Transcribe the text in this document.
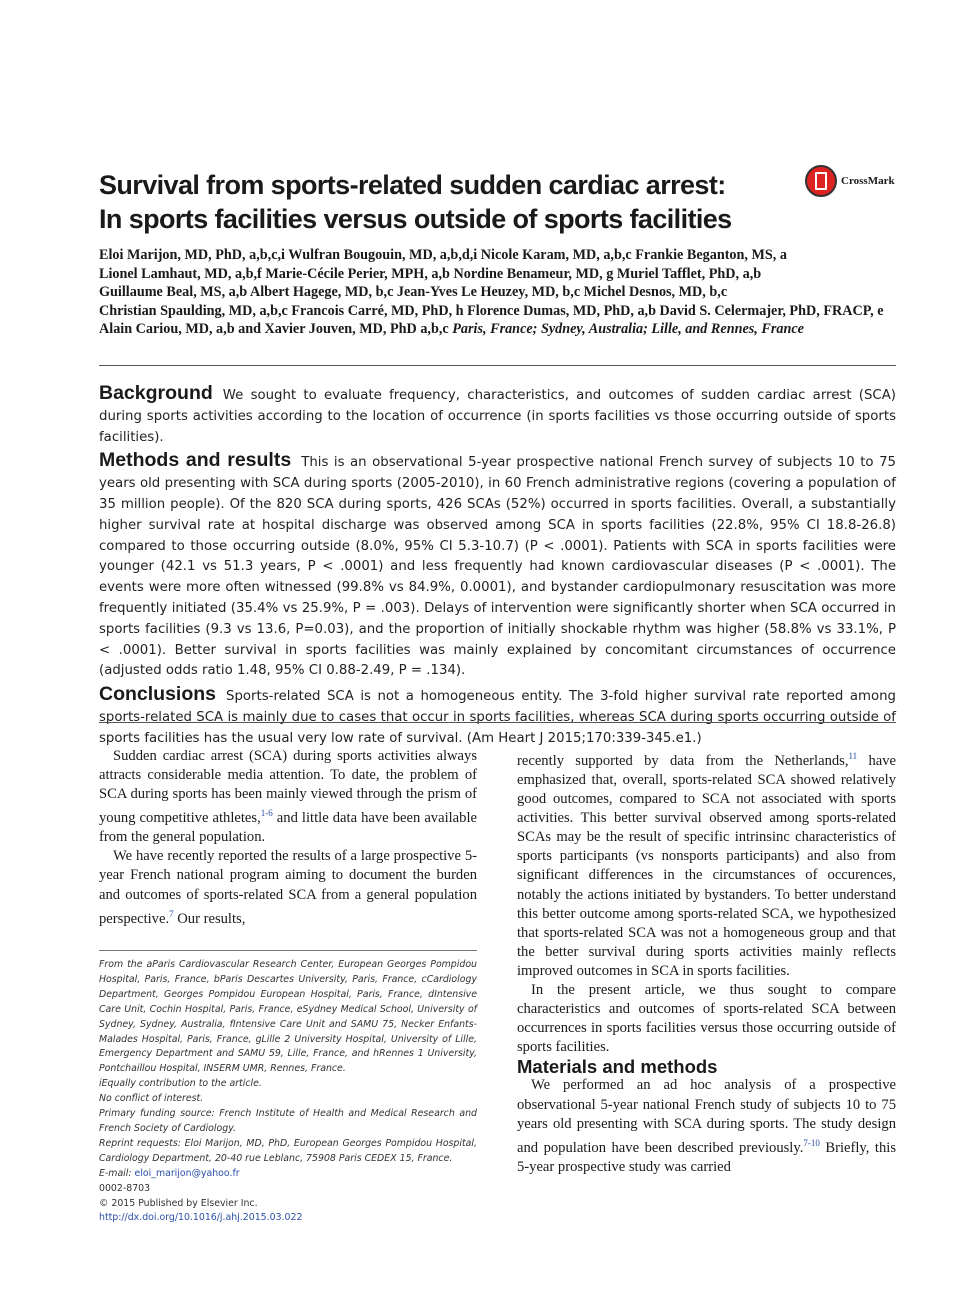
Survival from sports-related sudden cardiac arrest:
In sports facilities versus outside of sports facilities
CrossMark
Eloi Marijon, MD, PhD, a,b,c,i Wulfran Bougouin, MD, a,b,d,i Nicole Karam, MD, a,b,c Frankie Beganton, MS, a
Lionel Lamhaut, MD, a,b,f Marie-Cécile Perier, MPH, a,b Nordine Benameur, MD, g Muriel Tafflet, PhD, a,b
Guillaume Beal, MS, a,b Albert Hagege, MD, b,c Jean-Yves Le Heuzey, MD, b,c Michel Desnos, MD, b,c
Christian Spaulding, MD, a,b,c Francois Carré, MD, PhD, h Florence Dumas, MD, PhD, a,b David S. Celermajer, PhD, FRACP, e
Alain Cariou, MD, a,b and Xavier Jouven, MD, PhD a,b,c Paris, France; Sydney, Australia; Lille, and Rennes, France

Background We sought to evaluate frequency, characteristics, and outcomes of sudden cardiac arrest (SCA) during sports activities according to the location of occurrence (in sports facilities vs those occurring outside of sports facilities).

Methods and results This is an observational 5-year prospective national French survey of subjects 10 to 75 years old presenting with SCA during sports (2005-2010), in 60 French administrative regions (covering a population of 35 million people). Of the 820 SCA during sports, 426 SCAs (52%) occurred in sports facilities. Overall, a substantially higher survival rate at hospital discharge was observed among SCA in sports facilities (22.8%, 95% CI 18.8-26.8) compared to those occurring outside (8.0%, 95% CI 5.3-10.7) (P < .0001). Patients with SCA in sports facilities were younger (42.1 vs 51.3 years, P < .0001) and less frequently had known cardiovascular diseases (P < .0001). The events were more often witnessed (99.8% vs 84.9%, 0.0001), and bystander cardiopulmonary resuscitation was more frequently initiated (35.4% vs 25.9%, P = .003). Delays of intervention were significantly shorter when SCA occurred in sports facilities (9.3 vs 13.6, P=0.03), and the proportion of initially shockable rhythm was higher (58.8% vs 33.1%, P < .0001). Better survival in sports facilities was mainly explained by concomitant circumstances of occurrence (adjusted odds ratio 1.48, 95% CI 0.88-2.49, P = .134).

Conclusions Sports-related SCA is not a homogeneous entity. The 3-fold higher survival rate reported among sports-related SCA is mainly due to cases that occur in sports facilities, whereas SCA during sports occurring outside of sports facilities has the usual very low rate of survival. (Am Heart J 2015;170:339-345.e1.)

Sudden cardiac arrest (SCA) during sports activities always attracts considerable media attention. To date, the problem of SCA during sports has been mainly viewed through the prism of young competitive athletes,$^{1-6}$ and little data have been available from the general population.

We have recently reported the results of a large prospective 5-year French national program aiming to document the burden and outcomes of sports-related SCA from a general population perspective.$^7$ Our results,

From the aParis Cardiovascular Research Center, European Georges Pompidou Hospital, Paris, France, bParis Descartes University, Paris, France, cCardiology Department, Georges Pompidou European Hospital, Paris, France, dIntensive Care Unit, Cochin Hospital, Paris, France, eSydney Medical School, University of Sydney, Sydney, Australia, fIntensive Care Unit and SAMU 75, Necker Enfants-Malades Hospital, Paris, France, gLille 2 University Hospital, University of Lille, Emergency Department and SAMU 59, Lille, France, and hRennes 1 University, Pontchaillou Hospital, INSERM UMR, Rennes, France.
iEqually contribution to the article.
No conflict of interest.
Primary funding source: French Institute of Health and Medical Research and French Society of Cardiology.
Reprint requests: Eloi Marijon, MD, PhD, European Georges Pompidou Hospital, Cardiology Department, 20-40 rue Leblanc, 75908 Paris CEDEX 15, France.
E-mail: eloi_marijon@yahoo.fr
0002-8703
© 2015 Published by Elsevier Inc.
http://dx.doi.org/10.1016/j.ahj.2015.03.022

recently supported by data from the Netherlands,$^{11}$ have emphasized that, overall, sports-related SCA showed relatively good outcomes, compared to SCA not associated with sports activities. This better survival observed among sports-related SCAs may be the result of specific intrinsinc characteristics of sports participants (vs nonsports participants) and also from significant differences in the circumstances of occurences, notably the actions initiated by bystanders. To better understand this better outcome among sports-related SCA, we hypothesized that sports-related SCA was not a homogeneous group and that the better survival during sports activities mainly reflects improved outcomes in SCA in sports facilities.

In the present article, we thus sought to compare characteristics and outcomes of sports-related SCA between occurrences in sports facilities versus those occurring outside of sports facilities.

Materials and methods

We performed an ad hoc analysis of a prospective observational 5-year national French study of subjects 10 to 75 years old presenting with SCA during sports. The study design and population have been described previously.$^{7-10}$ Briefly, this 5-year prospective study was carried
